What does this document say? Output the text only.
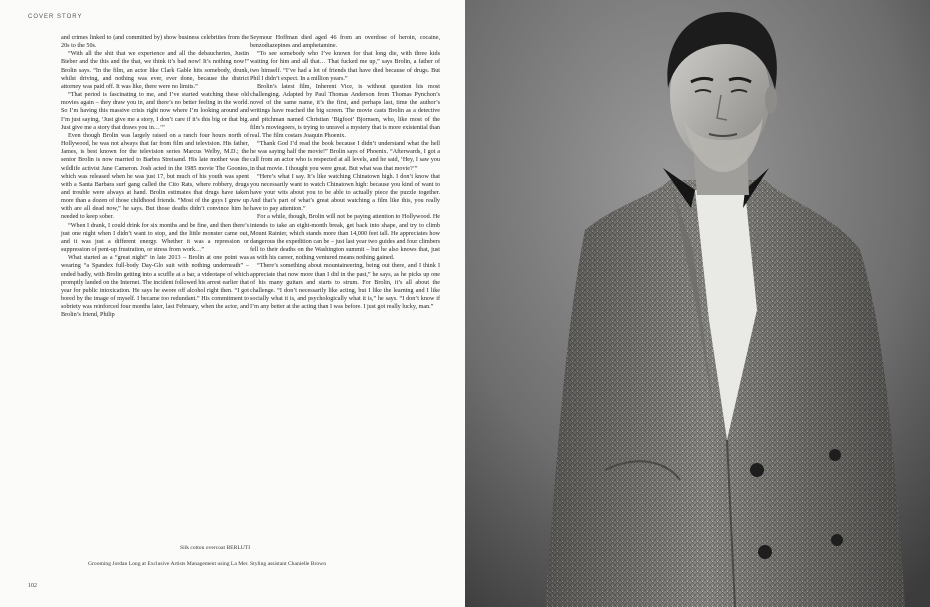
COVER STORY

and crimes linked to (and committed by) show business celebrities from the 20s to the 50s.

“With all the shit that we experience and all the debaucheries, Justin Bieber and the this and the that, we think it’s bad now! It’s nothing now!” Brolin says. “In the film, an actor like Clark Gable hits somebody, drunk, whilst driving, and nothing was ever, ever done, because the district attorney was paid off. It was like, there were no limits.”

“That period is fascinating to me, and I’ve started watching these old movies again – they draw you in, and there’s no better feeling in the world. So I’m having this massive crisis right now where I’m looking around and I’m just saying, ‘Just give me a story, I don’t care if it’s this big or that big. Just give me a story that draws you in…’”

Even though Brolin was largely raised on a ranch four hours north of Hollywood, he was not always that far from film and television. His father, James, is best known for the television series Marcus Welby, M.D.; the senior Brolin is now married to Barbra Streisand. His late mother was the wildlife activist Jane Cameron. Josh acted in the 1985 movie The Goonies, which was released when he was just 17, but much of his youth was spent with a Santa Barbara surf gang called the Cito Rats, where robbery, drugs and trouble were always at hand. Brolin estimates that drugs have taken more than a dozen of those childhood friends. “Most of the guys I grew up with are all dead now,” he says. But those deaths didn’t convince him he needed to keep sober.

“When I drank, I could drink for six months and be fine, and then there’s just one night when I didn’t want to stop, and the little monster came out, and it was just a different energy. Whether it was a repression or suppression of pent-up frustration, or stress from work…”

What started as a “great night” in late 2013 – Brolin at one point was wearing “a Spandex full-body Day-Glo suit with nothing underneath” – ended badly, with Brolin getting into a scuffle at a bar, a videotape of which promptly landed on the Internet. The incident followed his arrest earlier that year for public intoxication. He says he swore off alcohol right then. “I got bored by the image of myself. I became too redundant.” His commitment to sobriety was reinforced four months later, last February, when the actor, and Brolin’s friend, Philip

Seymour Hoffman died aged 46 from an overdose of heroin, cocaine, benzodiazepines and amphetamine.

“To see somebody who I’ve known for that long die, with three kids waiting for him and all that… That fucked me up,” says Brolin, a father of two himself. “I’ve had a lot of friends that have died because of drugs. But Phil I didn’t expect. In a million years.”

Brolin’s latest film, Inherent Vice, is without question his most challenging. Adapted by Paul Thomas Anderson from Thomas Pynchon’s novel of the same name, it’s the first, and perhaps last, time the author’s writings have reached the big screen. The movie casts Brolin as a detective and pitchman named Christian ‘Bigfoot’ Bjornsen, who, like most of the film’s moviegoers, is trying to unravel a mystery that is more existential than real. The film costars Joaquin Phoenix.

“Thank God I’d read the book because I didn’t understand what the hell he was saying half the movie!” Brolin says of Phoenix. “Afterwards, I got a call from an actor who is respected at all levels, and he said, ‘Hey, I saw you in that movie. I thought you were great. But what was that movie?’”

“Here’s what I say. It’s like watching Chinatown high. I don’t know that you necessarily want to watch Chinatown high: because you kind of want to have your wits about you to be able to actually piece the puzzle together. And that’s part of what’s great about watching a film like this, you really have to pay attention.”

For a while, though, Brolin will not be paying attention to Hollywood. He intends to take an eight-month break, get back into shape, and try to climb Mount Rainier, which stands more than 14,000 feet tall. He appreciates how dangerous the expedition can be – just last year two guides and four climbers fell to their deaths on the Washington summit – but he also knows that, just as with his career, nothing ventured means nothing gained.

“There’s something about mountaineering, being out there, and I think I appreciate that now more than I did in the past,” he says, as he picks up one of his many guitars and starts to strum. For Brolin, it’s all about the challenge. “I don’t necessarily like acting, but I like the learning and I like socially what it is, and psychologically what it is,” he says. “I don’t know if I’m any better at the acting than I was before. I just got really lucky, man.”

Silk cotton overcoat BERLUTI
Grooming Jordan Long at Exclusive Artists Management using La Mer. Styling assistant Chanielle Brown
102
